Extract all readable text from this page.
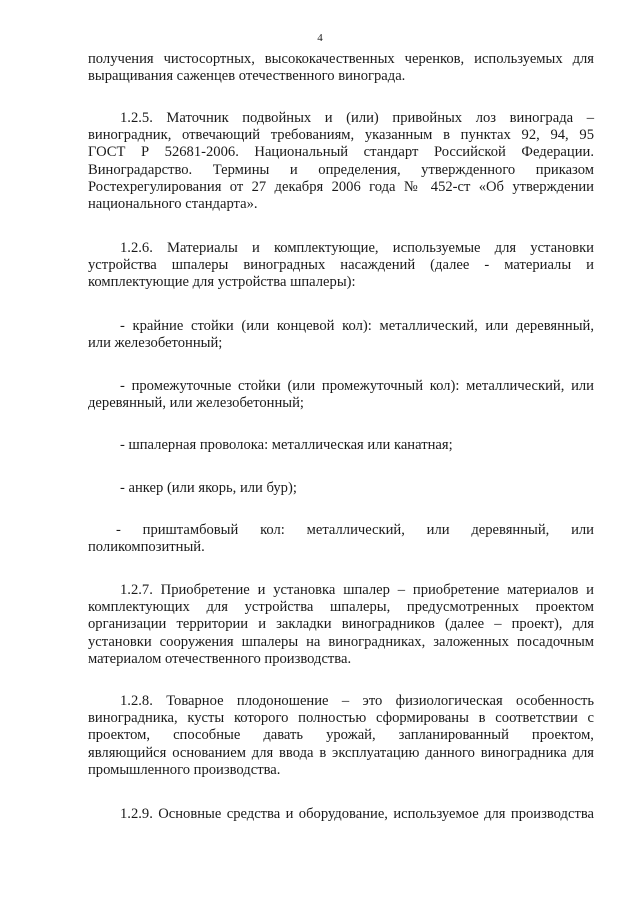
4
получения чистосортных, высококачественных черенков, используемых для
выращивания саженцев отечественного винограда.
1.2.5. Маточник подвойных и (или) привойных лоз винограда –
виноградник, отвечающий требованиям, указанным в пунктах 92, 94, 95
ГОСТ Р 52681-2006. Национальный стандарт Российской Федерации.
Виноградарство. Термины и определения, утвержденного приказом
Ростехрегулирования от 27 декабря 2006 года № 452-ст «Об утверждении
национального стандарта».
1.2.6. Материалы и комплектующие, используемые для установки
устройства шпалеры виноградных насаждений (далее - материалы и
комплектующие для устройства шпалеры):
- крайние стойки (или концевой кол): металлический, или деревянный,
или железобетонный;
- промежуточные стойки (или промежуточный кол): металлический, или
деревянный, или железобетонный;
- шпалерная проволока: металлическая или канатная;
- анкер (или якорь, или бур);
- приштамбовый кол: металлический, или деревянный, или
поликомпозитный.
1.2.7. Приобретение и установка шпалер – приобретение материалов и
комплектующих для устройства шпалеры, предусмотренных проектом
организации территории и закладки виноградников (далее – проект), для
установки сооружения шпалеры на виноградниках, заложенных посадочным
материалом отечественного производства.
1.2.8. Товарное плодоношение – это физиологическая особенность
виноградника, кусты которого полностью сформированы в соответствии с
проектом, способные давать урожай, запланированный проектом,
являющийся основанием для ввода в эксплуатацию данного виноградника для
промышленного производства.
1.2.9. Основные средства и оборудование, используемое для производства
